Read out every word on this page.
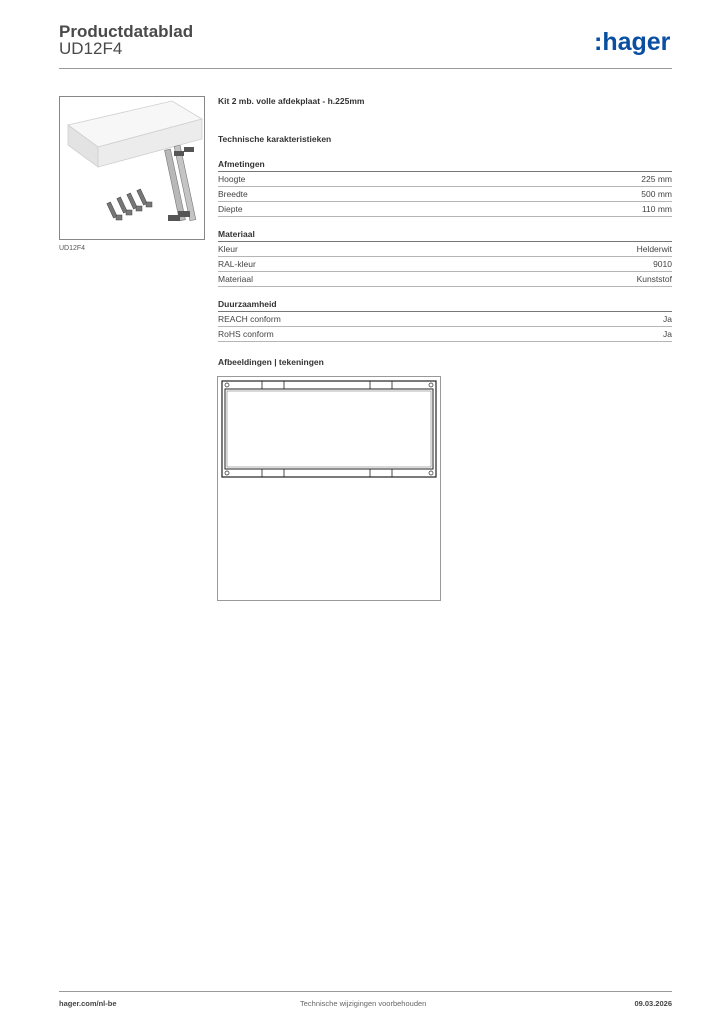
Productdatablad
UD12F4	:hager
UD12F4
Kit 2 mb. volle afdekplaat - h.225mm
Technische karakteristieken
Afmetingen
Hoogte	225 mm
Breedte	500 mm
Diepte	110 mm
Materiaal
Kleur	Helderwit
RAL-kleur	9010
Materiaal	Kunststof
Duurzaamheid
REACH conform	Ja
RoHS conform	Ja
Afbeeldingen | tekeningen
hager.com/nl-be	Technische wijzigingen voorbehouden	09.03.2026
